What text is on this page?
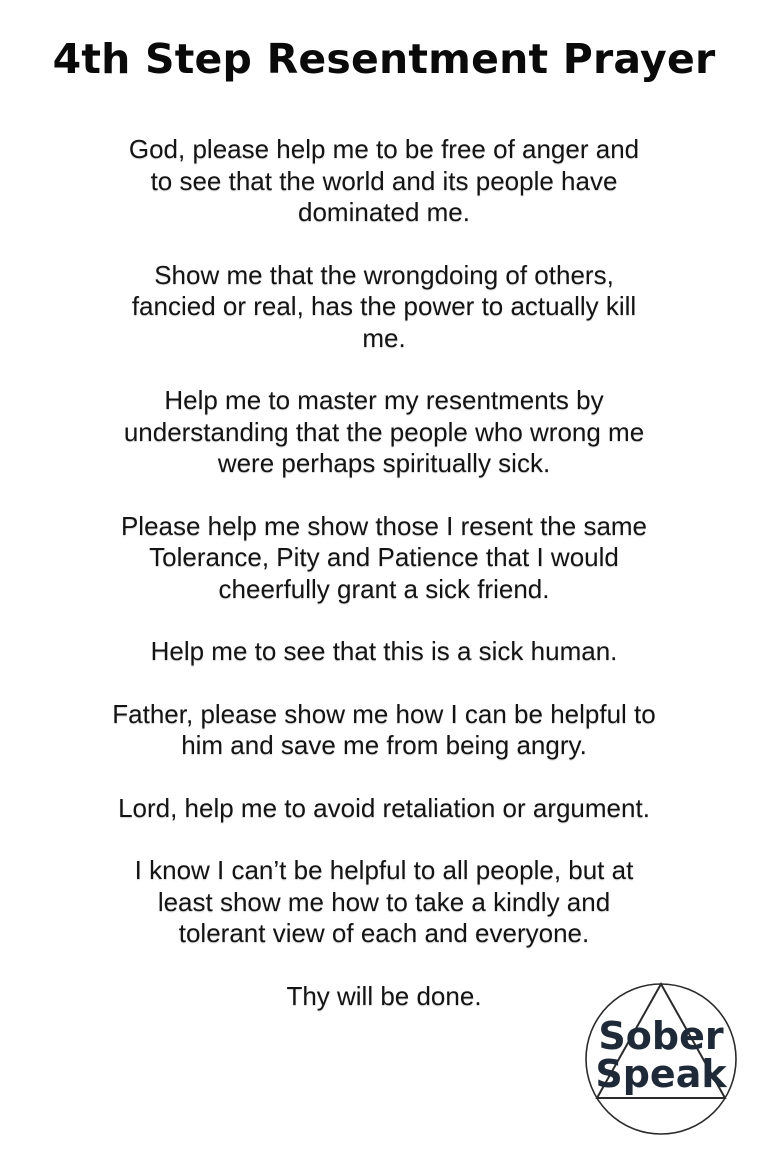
4th Step Resentment Prayer

God, please help me to be free of anger and
to see that the world and its people have
dominated me.

Show me that the wrongdoing of others,
fancied or real, has the power to actually kill
me.

Help me to master my resentments by
understanding that the people who wrong me
were perhaps spiritually sick.

Please help me show those I resent the same
Tolerance, Pity and Patience that I would
cheerfully grant a sick friend.

Help me to see that this is a sick human.

Father, please show me how I can be helpful to
him and save me from being angry.

Lord, help me to avoid retaliation or argument.

I know I can’t be helpful to all people, but at
least show me how to take a kindly and
tolerant view of each and everyone.

Thy will be done.

Sober
Speak
